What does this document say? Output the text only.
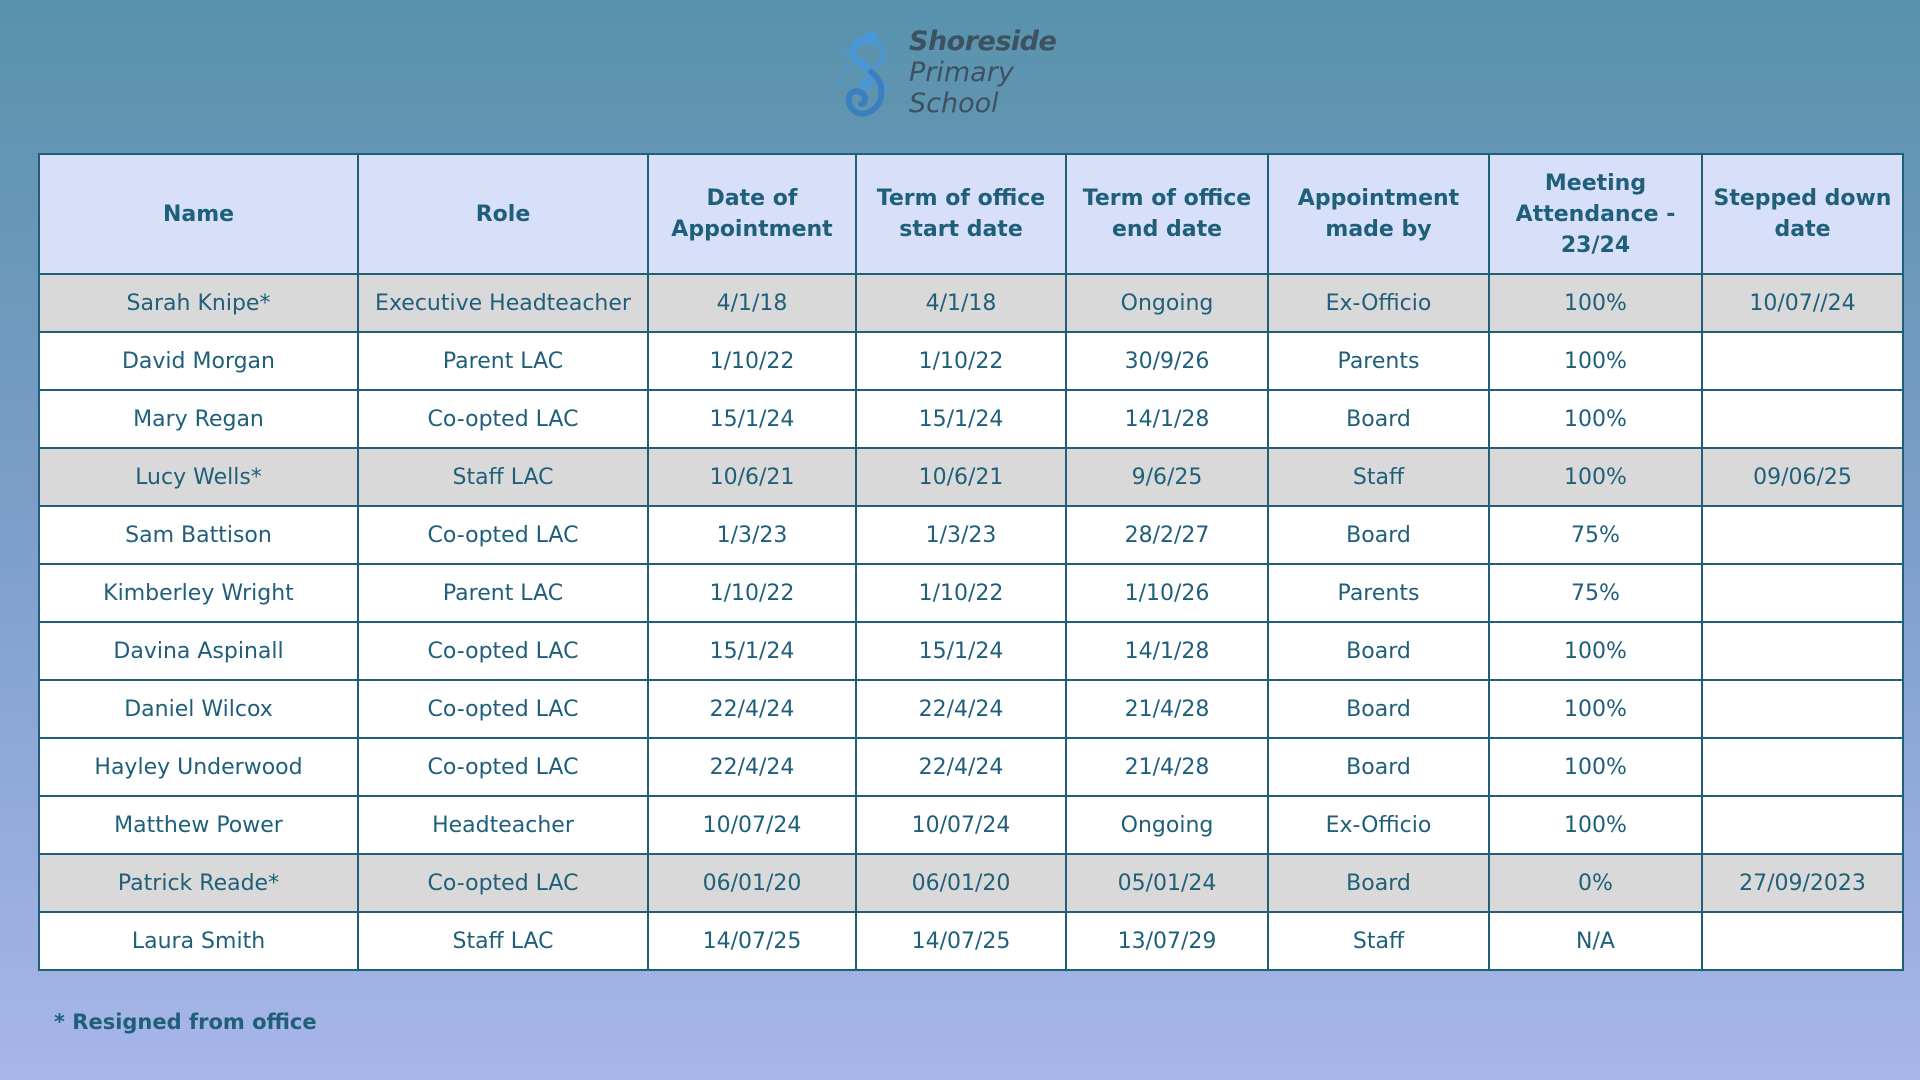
Shoreside
Primary
School
Name	Role	Date of Appointment	Term of office start date	Term of office end date	Appointment made by	Meeting Attendance - 23/24	Stepped down date
Sarah Knipe*	Executive Headteacher	4/1/18	4/1/18	Ongoing	Ex-Officio	100%	10/07//24
David Morgan	Parent LAC	1/10/22	1/10/22	30/9/26	Parents	100%	
Mary Regan	Co-opted LAC	15/1/24	15/1/24	14/1/28	Board	100%	
Lucy Wells*	Staff LAC	10/6/21	10/6/21	9/6/25	Staff	100%	09/06/25
Sam Battison	Co-opted LAC	1/3/23	1/3/23	28/2/27	Board	75%	
Kimberley Wright	Parent LAC	1/10/22	1/10/22	1/10/26	Parents	75%	
Davina Aspinall	Co-opted LAC	15/1/24	15/1/24	14/1/28	Board	100%	
Daniel Wilcox	Co-opted LAC	22/4/24	22/4/24	21/4/28	Board	100%	
Hayley Underwood	Co-opted LAC	22/4/24	22/4/24	21/4/28	Board	100%	
Matthew Power	Headteacher	10/07/24	10/07/24	Ongoing	Ex-Officio	100%	
Patrick Reade*	Co-opted LAC	06/01/20	06/01/20	05/01/24	Board	0%	27/09/2023
Laura Smith	Staff LAC	14/07/25	14/07/25	13/07/29	Staff	N/A	
* Resigned from office
